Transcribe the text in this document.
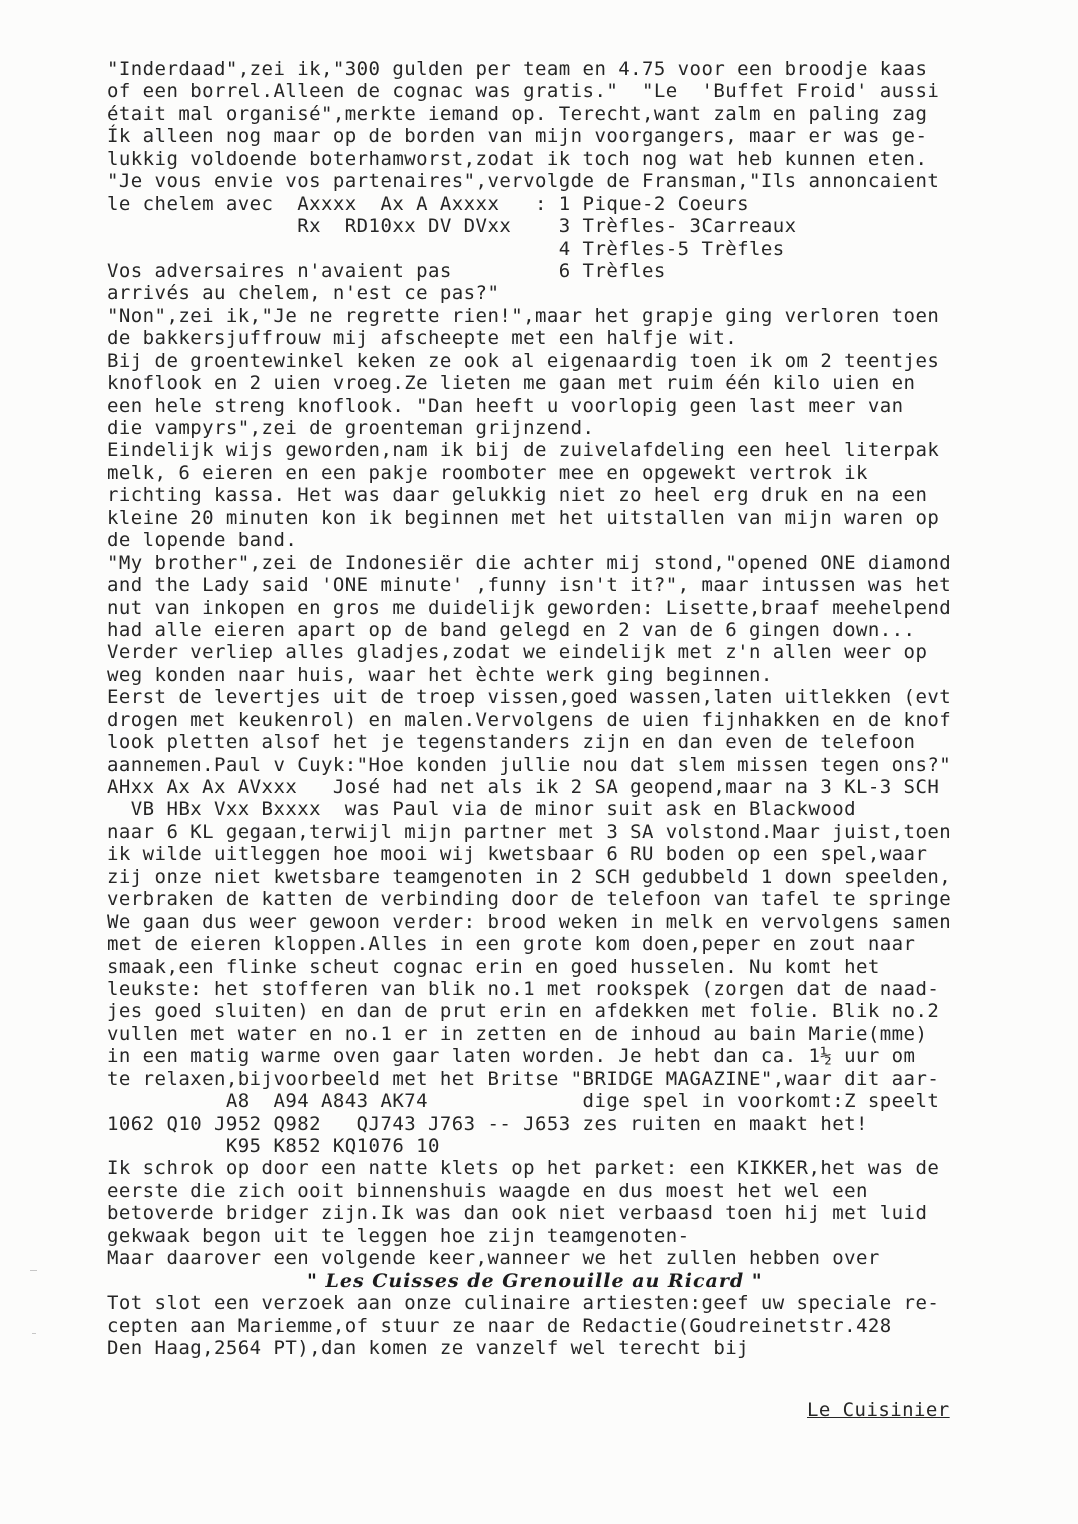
"Inderdaad",zei ik,"300 gulden per team en 4.75 voor een broodje kaas
of een borrel.Alleen de cognac was gratis."  "Le  'Buffet Froid' aussi
était mal organisé",merkte iemand op. Terecht,want zalm en paling zag
Ík alleen nog maar op de borden van mijn voorgangers, maar er was ge-
lukkig voldoende boterhamworst,zodat ik toch nog wat heb kunnen eten.
"Je vous envie vos partenaires",vervolgde de Fransman,"Ils annoncaient
le chelem avec  Axxxx  Ax A Axxxx   : 1 Pique-2 Coeurs
Rx  RD10xx DV DVxx    3 Trèfles- 3Carreaux
4 Trèfles-5 Trèfles
Vos adversaires n'avaient pas         6 Trèfles
arrivés au chelem, n'est ce pas?"
"Non",zei ik,"Je ne regrette rien!",maar het grapje ging verloren toen
de bakkersjuffrouw mij afscheepte met een halfje wit.
Bij de groentewinkel keken ze ook al eigenaardig toen ik om 2 teentjes
knoflook en 2 uien vroeg.Ze lieten me gaan met ruim één kilo uien en
een hele streng knoflook. "Dan heeft u voorlopig geen last meer van
die vampyrs",zei de groenteman grijnzend.
Eindelijk wijs geworden,nam ik bij de zuivelafdeling een heel literpak
melk, 6 eieren en een pakje roomboter mee en opgewekt vertrok ik
richting kassa. Het was daar gelukkig niet zo heel erg druk en na een
kleine 20 minuten kon ik beginnen met het uitstallen van mijn waren op
de lopende band.
"My brother",zei de Indonesiër die achter mij stond,"opened ONE diamond
and the Lady said 'ONE minute' ,funny isn't it?", maar intussen was het
nut van inkopen en gros me duidelijk geworden: Lisette,braaf meehelpend
had alle eieren apart op de band gelegd en 2 van de 6 gingen down...
Verder verliep alles gladjes,zodat we eindelijk met z'n allen weer op
weg konden naar huis, waar het èchte werk ging beginnen.
Eerst de levertjes uit de troep vissen,goed wassen,laten uitlekken (evt
drogen met keukenrol) en malen.Vervolgens de uien fijnhakken en de knof
look pletten alsof het je tegenstanders zijn en dan even de telefoon
aannemen.Paul v Cuyk:"Hoe konden jullie nou dat slem missen tegen ons?"
AHxx Ax Ax AVxxx   José had net als ik 2 SA geopend,maar na 3 KL-3 SCH
VB HBx Vxx Bxxxx  was Paul via de minor suit ask en Blackwood
naar 6 KL gegaan,terwijl mijn partner met 3 SA volstond.Maar juist,toen
ik wilde uitleggen hoe mooi wij kwetsbaar 6 RU boden op een spel,waar
zij onze niet kwetsbare teamgenoten in 2 SCH gedubbeld 1 down speelden,
verbraken de katten de verbinding door de telefoon van tafel te springe
We gaan dus weer gewoon verder: brood weken in melk en vervolgens samen
met de eieren kloppen.Alles in een grote kom doen,peper en zout naar
smaak,een flinke scheut cognac erin en goed husselen. Nu komt het
leukste: het stofferen van blik no.1 met rookspek (zorgen dat de naad-
jes goed sluiten) en dan de prut erin en afdekken met folie. Blik no.2
vullen met water en no.1 er in zetten en de inhoud au bain Marie(mme)
in een matig warme oven gaar laten worden. Je hebt dan ca. 1½ uur om
te relaxen,bijvoorbeeld met het Britse "BRIDGE MAGAZINE",waar dit aar-
A8  A94 A843 AK74             dige spel in voorkomt:Z speelt
1062 Q10 J952 Q982   QJ743 J763 -- J653 zes ruiten en maakt het!
K95 K852 KQ1076 10
Ik schrok op door een natte klets op het parket: een KIKKER,het was de
eerste die zich ooit binnenshuis waagde en dus moest het wel een
betoverde bridger zijn.Ik was dan ook niet verbaasd toen hij met luid
gekwaak begon uit te leggen hoe zijn teamgenoten-
Maar daarover een volgende keer,wanneer we het zullen hebben over
" Les Cuisses de Grenouille au Ricard "
Tot slot een verzoek aan onze culinaire artiesten:geef uw speciale re-
cepten aan Mariemme,of stuur ze naar de Redactie(Goudreinetstr.428
Den Haag,2564 PT),dan komen ze vanzelf wel terecht bij
Le Cuisinier
